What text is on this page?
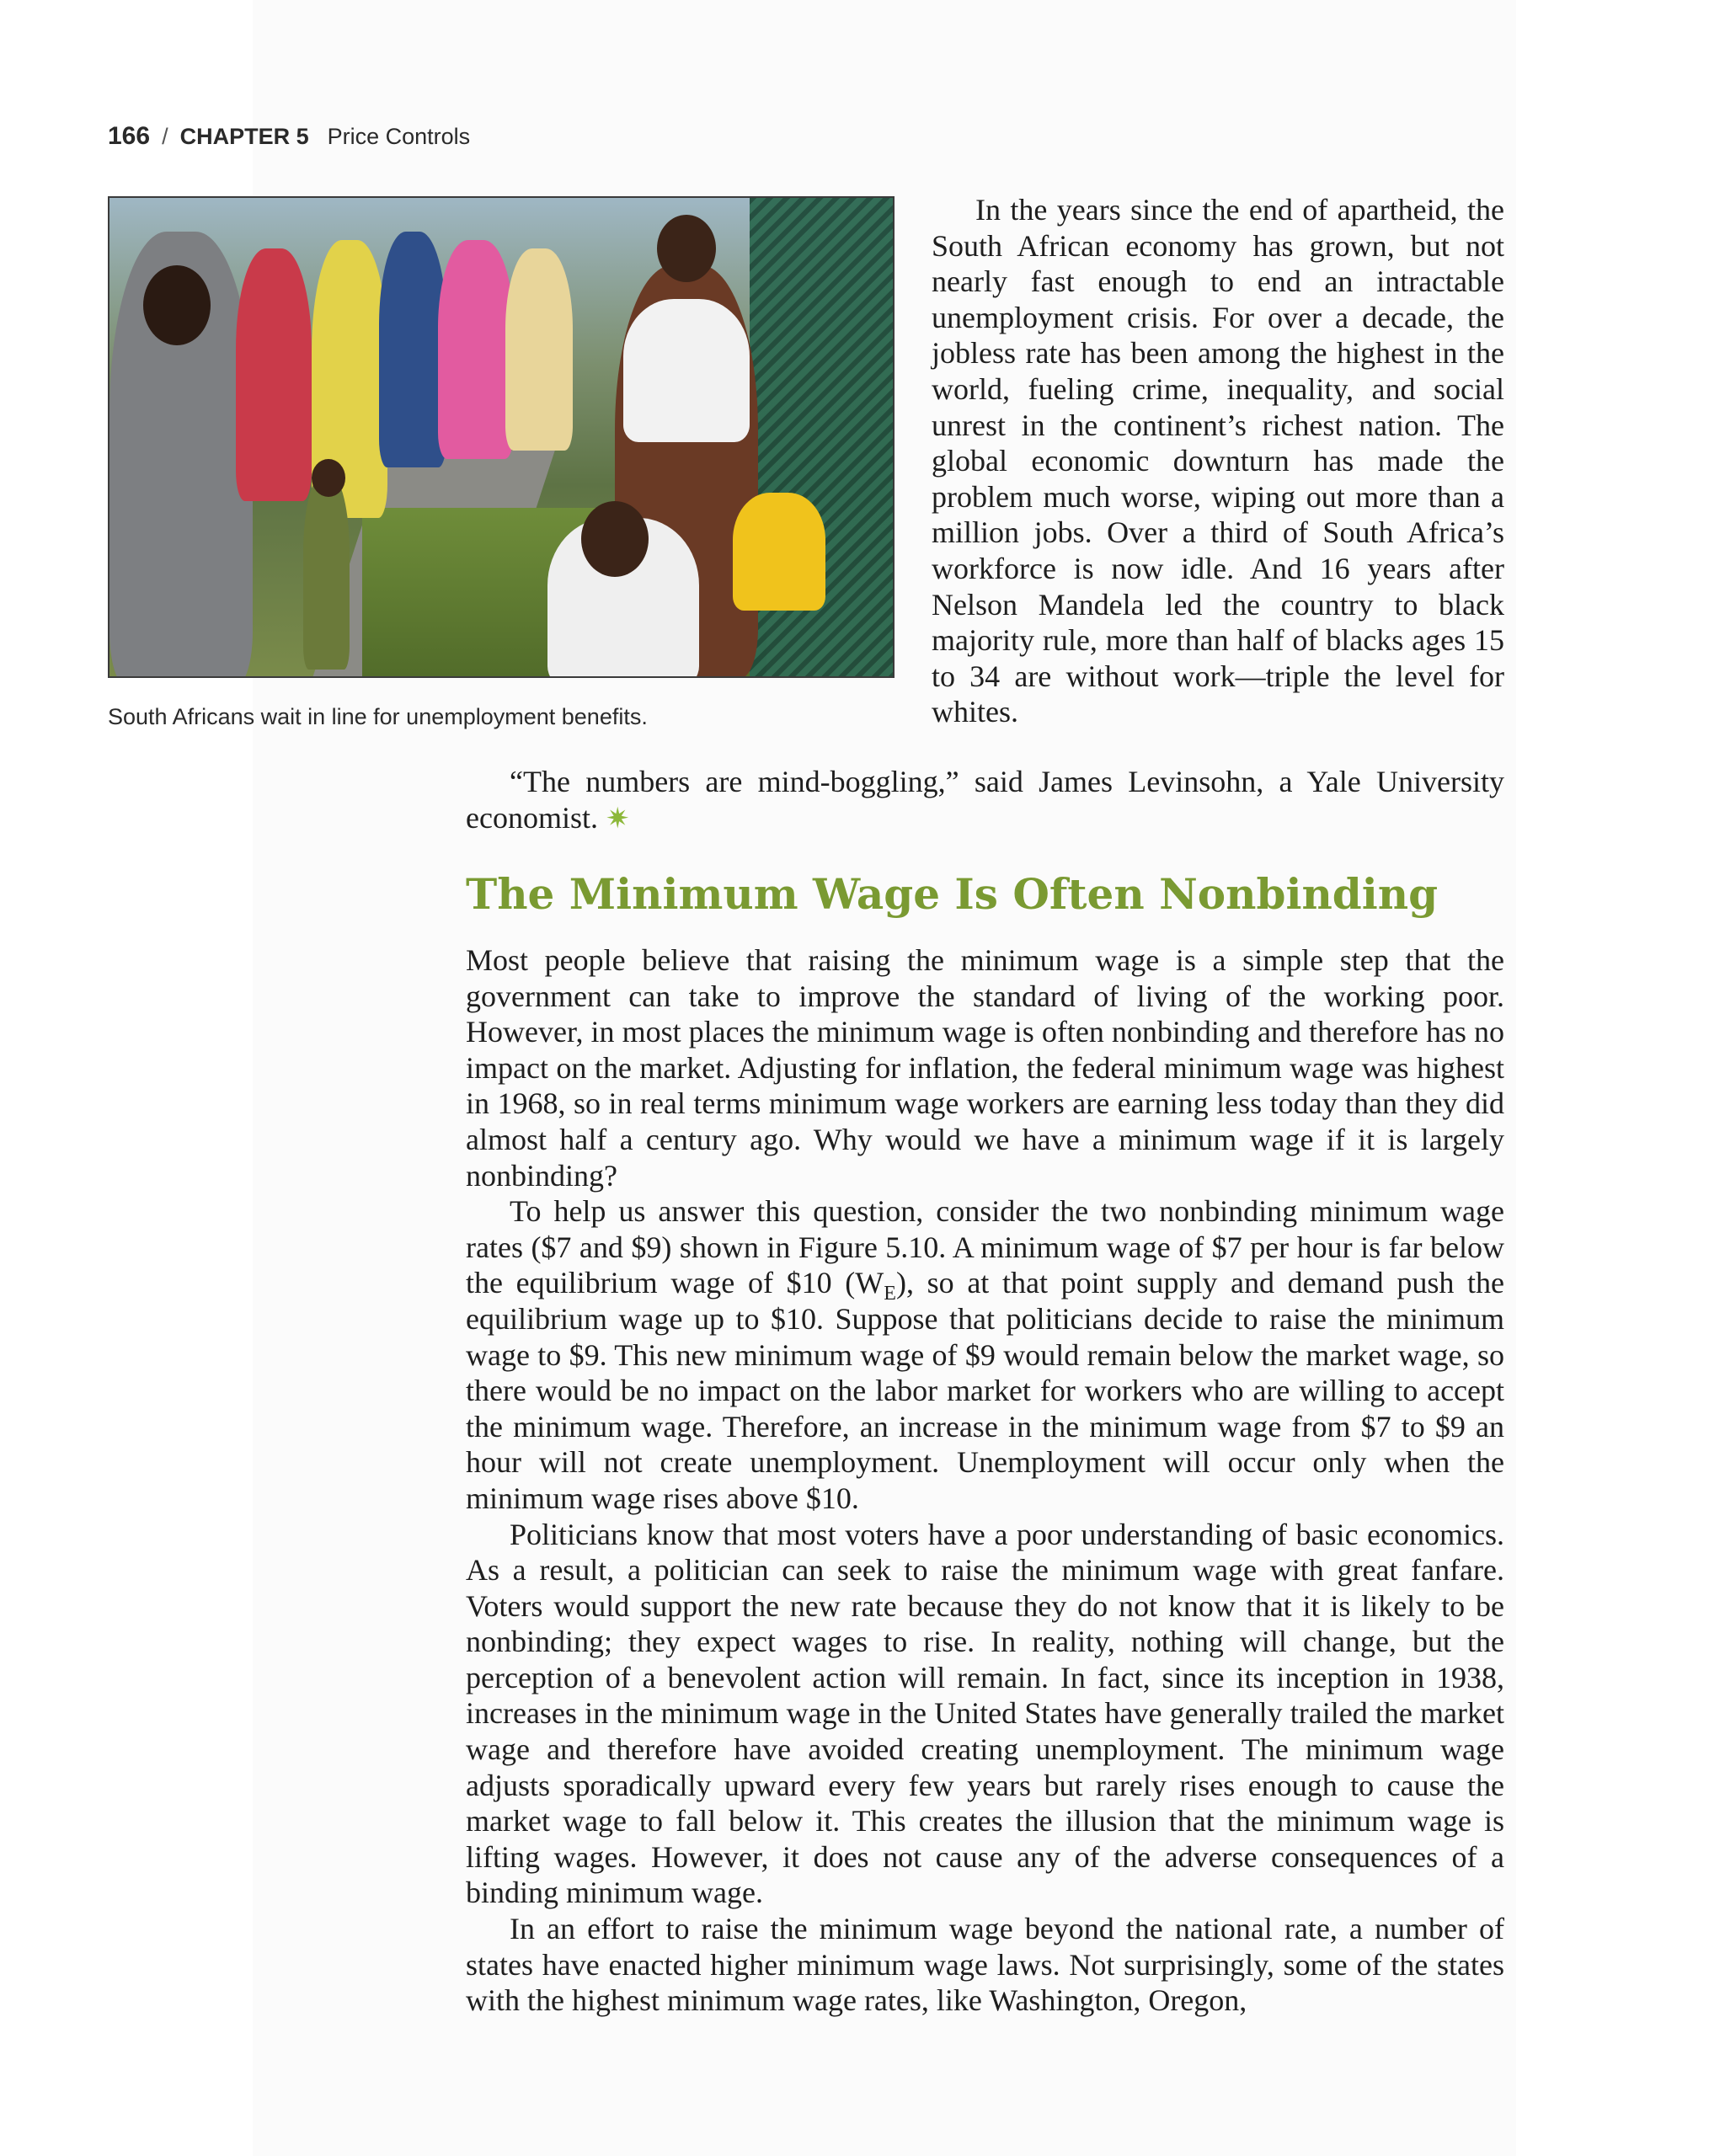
166 / CHAPTER 5 Price Controls
South Africans wait in line for unemployment benefits.

In the years since the end of apartheid, the South African economy has grown, but not nearly fast enough to end an intractable unemployment crisis. For over a decade, the jobless rate has been among the highest in the world, fueling crime, inequality, and social unrest in the continent’s richest nation. The global economic downturn has made the problem much worse, wiping out more than a million jobs. Over a third of South Africa’s workforce is now idle. And 16 years after Nelson Mandela led the country to black majority rule, more than half of blacks ages 15 to 34 are without work—triple the level for whites.

“The numbers are mind-boggling,” said James Levinsohn, a Yale University economist. ✷

The Minimum Wage Is Often Nonbinding

Most people believe that raising the minimum wage is a simple step that the government can take to improve the standard of living of the working poor. However, in most places the minimum wage is often nonbinding and therefore has no impact on the market. Adjusting for inflation, the federal minimum wage was highest in 1968, so in real terms minimum wage workers are earning less today than they did almost half a century ago. Why would we have a minimum wage if it is largely nonbinding?

To help us answer this question, consider the two nonbinding minimum wage rates ($7 and $9) shown in Figure 5.10. A minimum wage of $7 per hour is far below the equilibrium wage of $10 $(W_E)$, so at that point supply and demand push the equilibrium wage up to $10. Suppose that politicians decide to raise the minimum wage to $9. This new minimum wage of $9 would remain below the market wage, so there would be no impact on the labor market for workers who are willing to accept the minimum wage. Therefore, an increase in the minimum wage from $7 to $9 an hour will not create unemployment. Unemployment will occur only when the minimum wage rises above $10.

Politicians know that most voters have a poor understanding of basic economics. As a result, a politician can seek to raise the minimum wage with great fanfare. Voters would support the new rate because they do not know that it is likely to be nonbinding; they expect wages to rise. In reality, nothing will change, but the perception of a benevolent action will remain. In fact, since its inception in 1938, increases in the minimum wage in the United States have generally trailed the market wage and therefore have avoided creating unemployment. The minimum wage adjusts sporadically upward every few years but rarely rises enough to cause the market wage to fall below it. This creates the illusion that the minimum wage is lifting wages. However, it does not cause any of the adverse consequences of a binding minimum wage.

In an effort to raise the minimum wage beyond the national rate, a number of states have enacted higher minimum wage laws. Not surprisingly, some of the states with the highest minimum wage rates, like Washington, Oregon,
